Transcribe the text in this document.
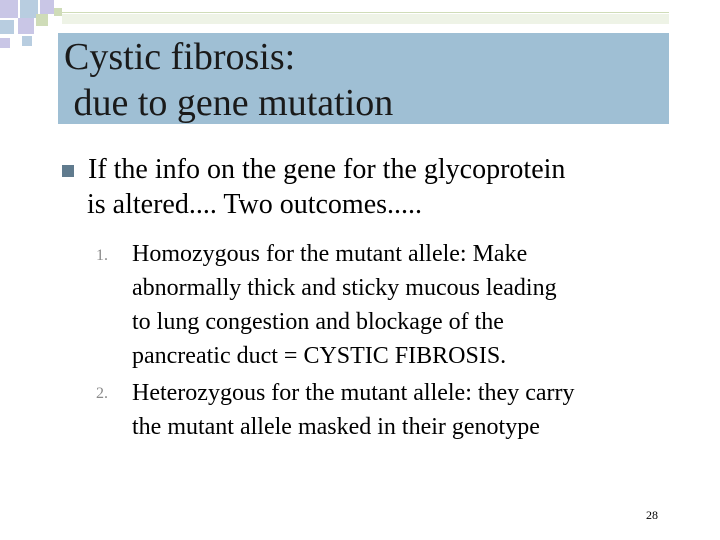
Cystic fibrosis:
due to gene mutation
If the info on the gene for the glycoprotein
is altered.... Two outcomes.....
1. Homozygous for the mutant allele: Make
abnormally thick and sticky mucous leading
to lung congestion and blockage of the
pancreatic duct = CYSTIC FIBROSIS.
2. Heterozygous for the mutant allele: they carry
the mutant allele masked in their genotype
28
